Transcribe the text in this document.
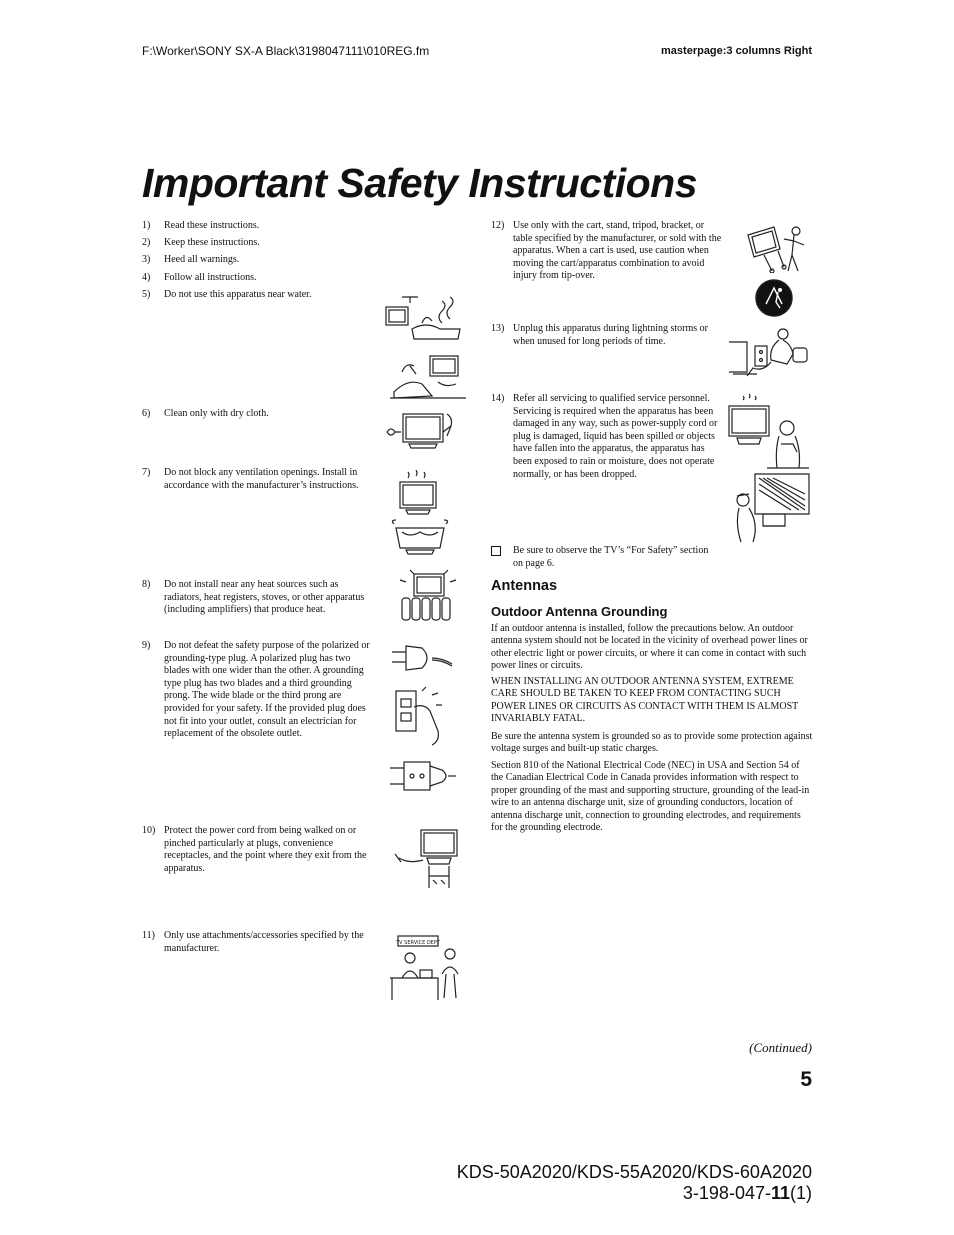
F:\Worker\SONY SX-A Black\3198047111\010REG.fm	masterpage:3 columns Right
Important Safety Instructions
1) Read these instructions.
2) Keep these instructions.
3) Heed all warnings.
4) Follow all instructions.
5) Do not use this apparatus near water.
6) Clean only with dry cloth.
7) Do not block any ventilation openings. Install in accordance with the manufacturer’s instructions.
8) Do not install near any heat sources such as radiators, heat registers, stoves, or other apparatus (including amplifiers) that produce heat.
9) Do not defeat the safety purpose of the polarized or grounding-type plug. A polarized plug has two blades with one wider than the other. A grounding type plug has two blades and a third grounding prong. The wide blade or the third prong are provided for your safety. If the provided plug does not fit into your outlet, consult an electrician for replacement of the obsolete outlet.
10) Protect the power cord from being walked on or pinched particularly at plugs, convenience receptacles, and the point where they exit from the apparatus.
11) Only use attachments/accessories specified by the manufacturer.
12) Use only with the cart, stand, tripod, bracket, or table specified by the manufacturer, or sold with the apparatus. When a cart is used, use caution when moving the cart/apparatus combination to avoid injury from tip-over.
13) Unplug this apparatus during lightning storms or when unused for long periods of time.
14) Refer all servicing to qualified service personnel. Servicing is required when the apparatus has been damaged in any way, such as power-supply cord or plug is damaged, liquid has been spilled or objects have fallen into the apparatus, the apparatus has been exposed to rain or moisture, does not operate normally, or has been dropped.
Be sure to observe the TV’s “For Safety” section on page 6.
Antennas
Outdoor Antenna Grounding
If an outdoor antenna is installed, follow the precautions below. An outdoor antenna system should not be located in the vicinity of overhead power lines or other electric light or power circuits, or where it can come in contact with such power lines or circuits.
WHEN INSTALLING AN OUTDOOR ANTENNA SYSTEM, EXTREME CARE SHOULD BE TAKEN TO KEEP FROM CONTACTING SUCH POWER LINES OR CIRCUITS AS CONTACT WITH THEM IS ALMOST INVARIABLY FATAL.
Be sure the antenna system is grounded so as to provide some protection against voltage surges and built-up static charges.
Section 810 of the National Electrical Code (NEC) in USA and Section 54 of the Canadian Electrical Code in Canada provides information with respect to proper grounding of the mast and supporting structure, grounding of the lead-in wire to an antenna discharge unit, size of grounding conductors, location of antenna discharge unit, connection to grounding electrodes, and requirements for the grounding electrode.
TV SERVICE DEPT
(Continued)
5
KDS-50A2020/KDS-55A2020/KDS-60A2020
3-198-047-11(1)
